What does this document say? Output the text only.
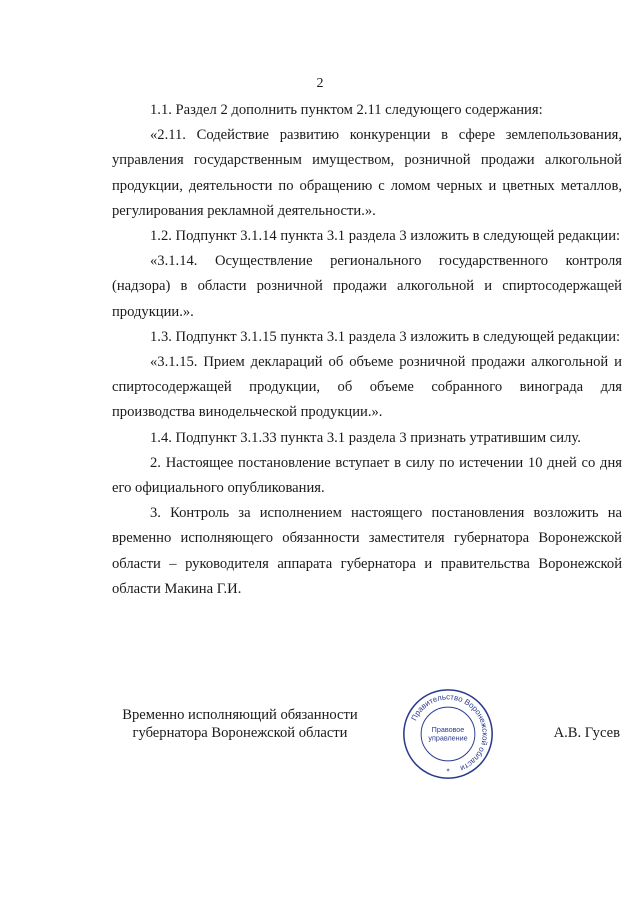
2

1.1. Раздел 2 дополнить пунктом 2.11 следующего содержания:

«2.11. Содействие развитию конкуренции в сфере землепользования, управления государственным имуществом, розничной продажи алкогольной продукции, деятельности по обращению с ломом черных и цветных металлов, регулирования рекламной деятельности.».

1.2. Подпункт 3.1.14 пункта 3.1 раздела 3 изложить в следующей редакции:

«3.1.14. Осуществление регионального государственного контроля (надзора) в области розничной продажи алкогольной и спиртосодержащей продукции.».

1.3. Подпункт 3.1.15 пункта 3.1 раздела 3 изложить в следующей редакции:

«3.1.15. Прием деклараций об объеме розничной продажи алкогольной и спиртосодержащей продукции, об объеме собранного винограда для производства винодельческой продукции.».

1.4. Подпункт 3.1.33 пункта 3.1 раздела 3 признать утратившим силу.

2. Настоящее постановление вступает в силу по истечении 10 дней со дня его официального опубликования.

3. Контроль за исполнением настоящего постановления возложить на временно исполняющего обязанности заместителя губернатора Воронежской области – руководителя аппарата губернатора и правительства Воронежской области Макина Г.И.

Временно исполняющий обязанности
губернатора Воронежской области
Правительство Воронежской области
Правовое
управление
*
А.В. Гусев
